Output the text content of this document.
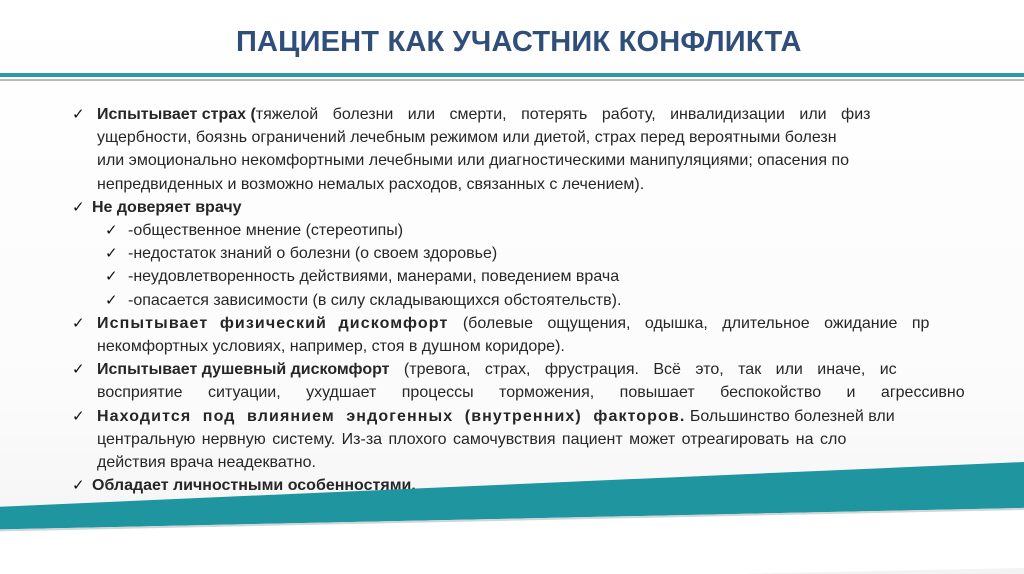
ПАЦИЕНТ КАК УЧАСТНИК КОНФЛИКТА
✓ Испытывает страх (тяжелой болезни или смерти, потерять работу, инвалидизации или физ
ущербности, боязнь ограничений лечебным режимом или диетой, страх перед вероятными болезн
или эмоционально некомфортными лечебными или диагностическими манипуляциями; опасения по
непредвиденных и возможно немалых расходов, связанных с лечением).
✓ Не доверяет врачу
✓ -общественное мнение (стереотипы)
✓ -недостаток знаний о болезни (о своем здоровье)
✓ -неудовлетворенность действиями, манерами, поведением врача
✓ -опасается зависимости (в силу складывающихся обстоятельств).
✓ Испытывает физический дискомфорт (болевые ощущения, одышка, длительное ожидание пр
некомфортных условиях, например, стоя в душном коридоре).
✓ Испытывает душевный дискомфорт (тревога, страх, фрустрация. Всё это, так или иначе, ис
восприятие ситуации, ухудшает процессы торможения, повышает беспокойство и агрессивно
✓ Находится под влиянием эндогенных (внутренних) факторов. Большинство болезней вли
центральную нервную систему. Из-за плохого самочувствия пациент может отреагировать на сло
действия врача неадекватно.
✓ Обладает личностными особенностями.
